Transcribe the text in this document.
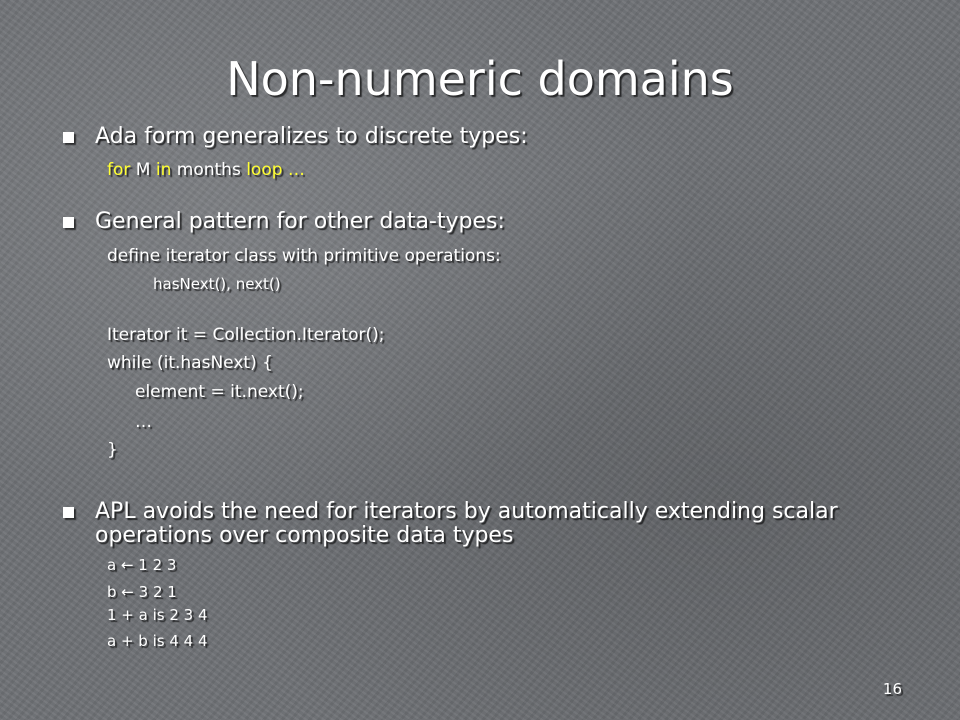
Non-numeric domains
Ada form generalizes to discrete types:
for M in months loop …
General pattern for other data-types:
define iterator class with primitive operations:
hasNext(), next()
Iterator it = Collection.Iterator();
while (it.hasNext) {
element = it.next();
…
}
APL avoids the need for iterators by automatically extending scalar
operations over composite data types
a ← 1 2 3
b ← 3 2 1
1 + a is 2 3 4
a + b is 4 4 4
16
